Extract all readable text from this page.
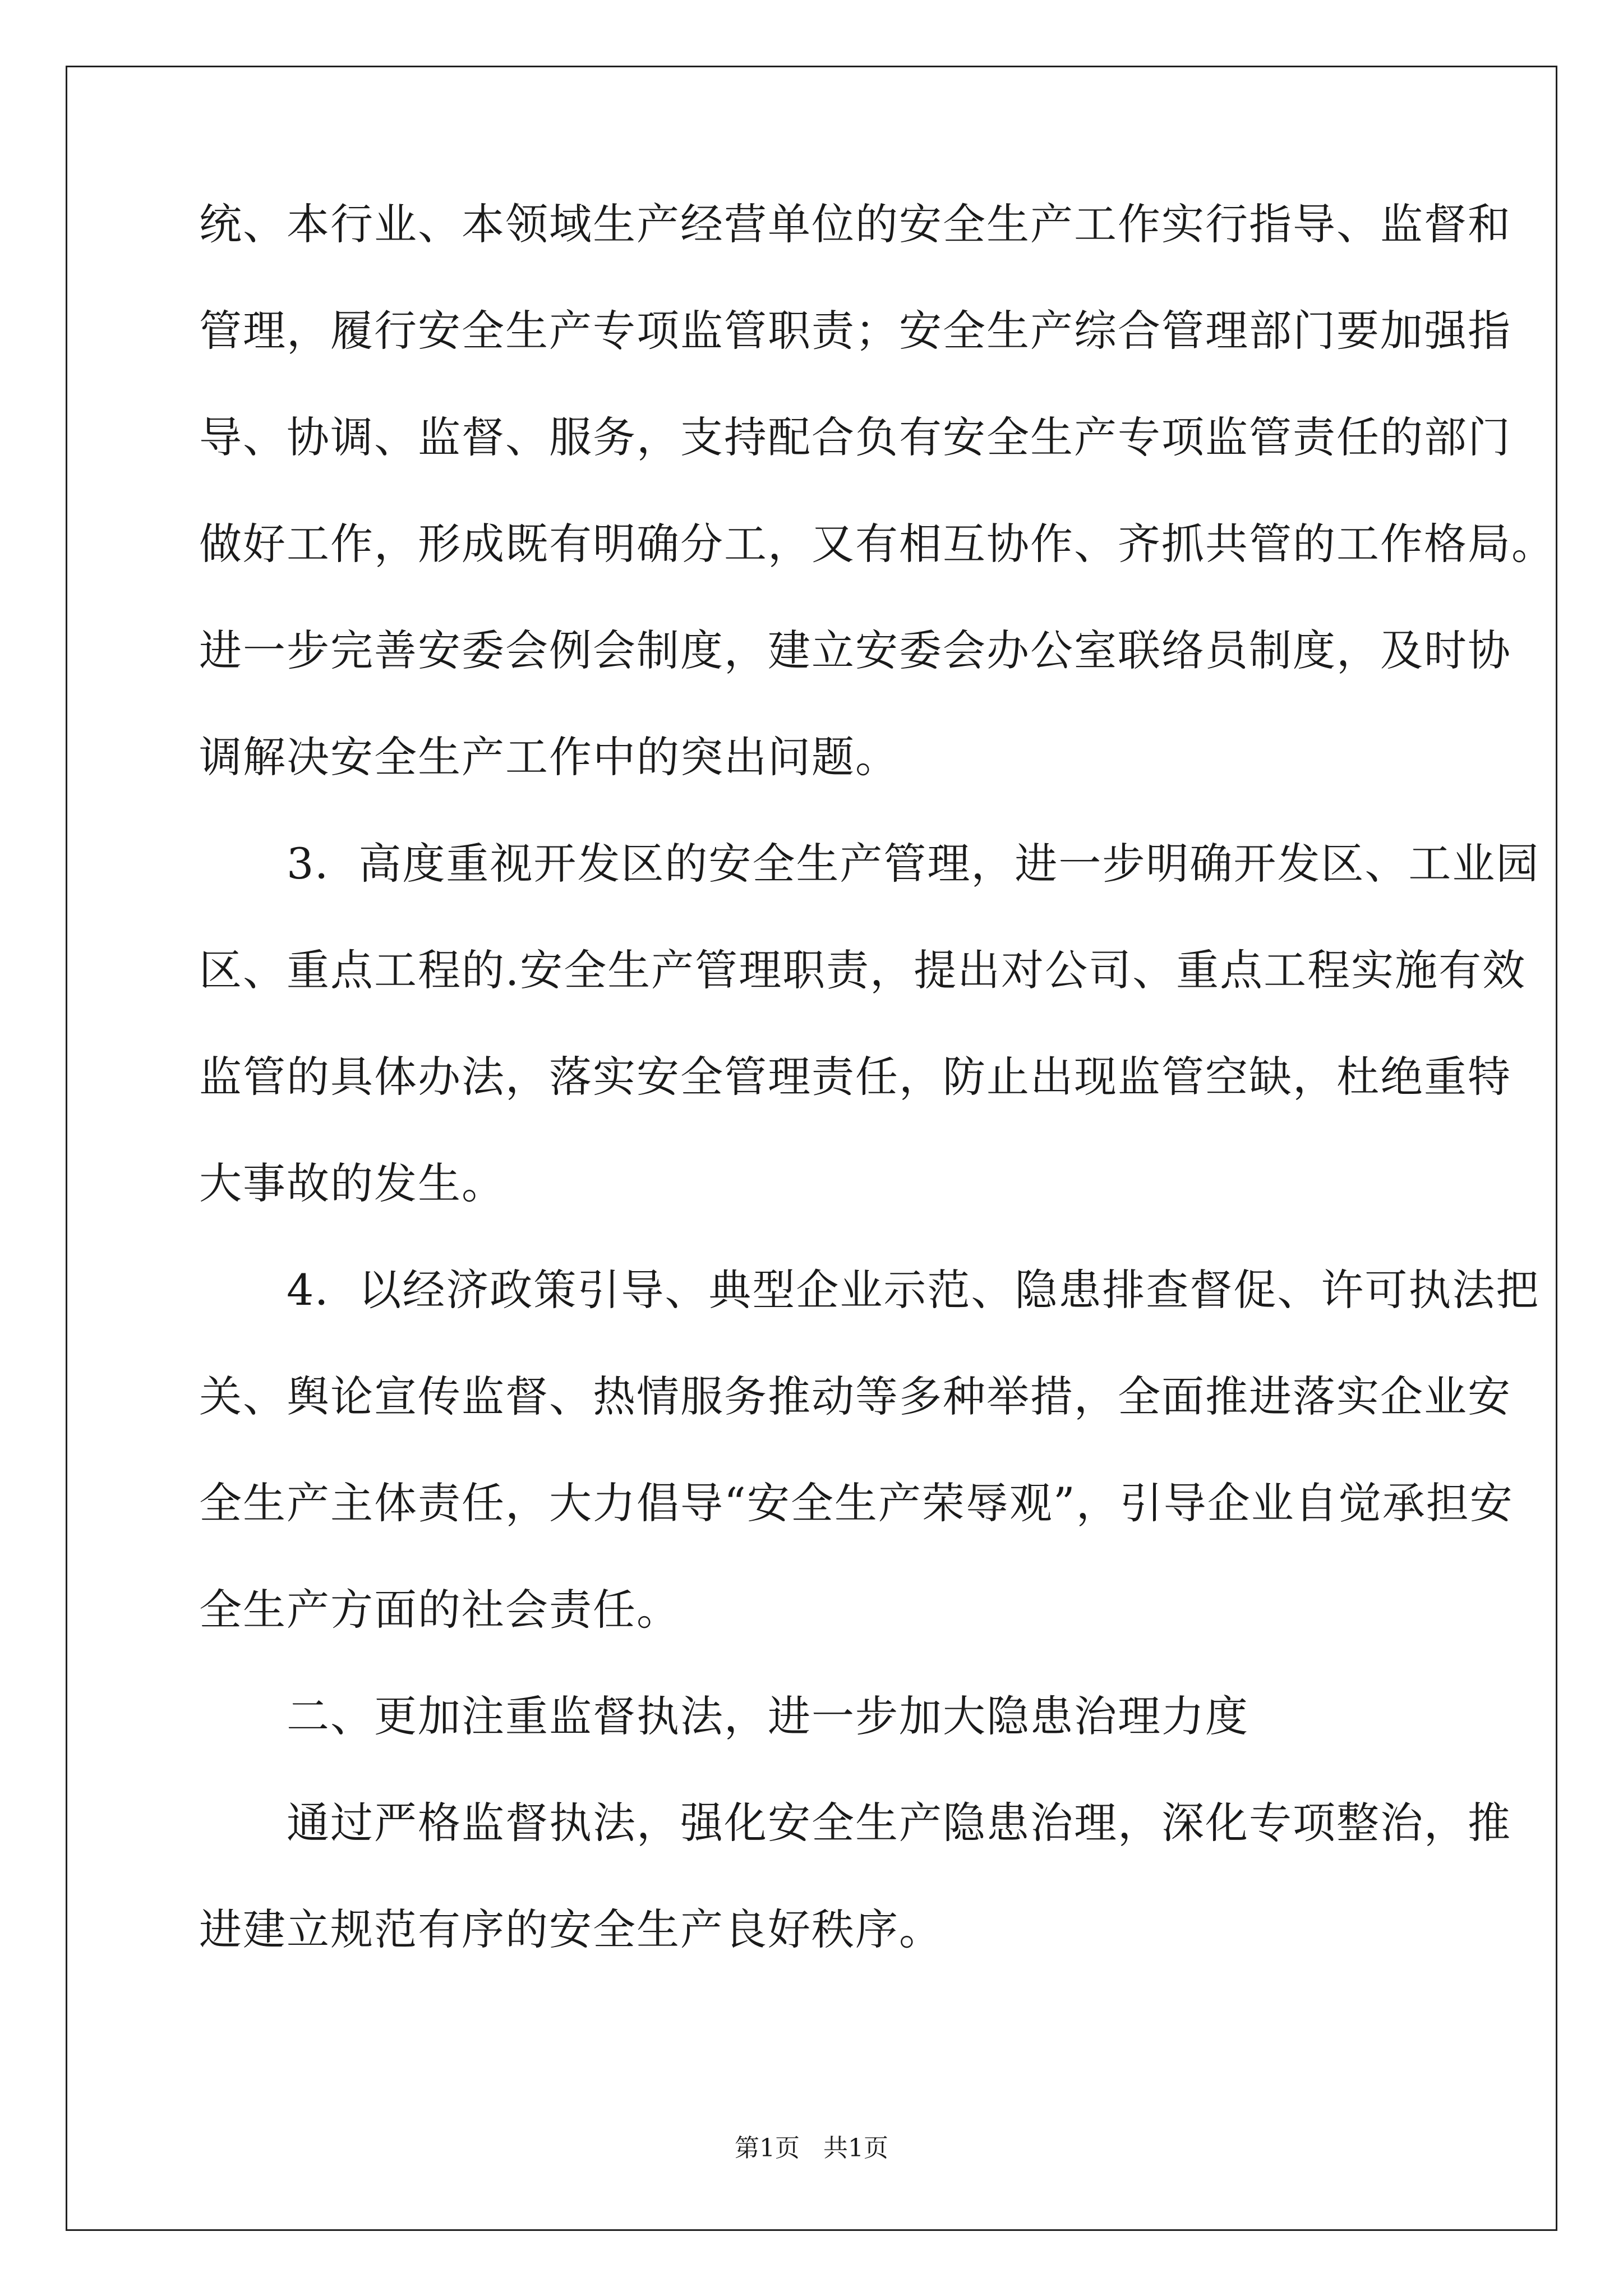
统、本行业、本领域生产经营单位的安全生产工作实行指导、监督和
管理，履行安全生产专项监管职责；安全生产综合管理部门要加强指
导、协调、监督、服务，支持配合负有安全生产专项监管责任的部门
做好工作，形成既有明确分工，又有相互协作、齐抓共管的工作格局。
进一步完善安委会例会制度，建立安委会办公室联络员制度，及时协
调解决安全生产工作中的突出问题。
　　3．高度重视开发区的安全生产管理，进一步明确开发区、工业园
区、重点工程的.安全生产管理职责，提出对公司、重点工程实施有效
监管的具体办法，落实安全管理责任，防止出现监管空缺，杜绝重特
大事故的发生。
　　4．以经济政策引导、典型企业示范、隐患排查督促、许可执法把
关、舆论宣传监督、热情服务推动等多种举措，全面推进落实企业安
全生产主体责任，大力倡导“安全生产荣辱观”，引导企业自觉承担安
全生产方面的社会责任。
　　二、更加注重监督执法，进一步加大隐患治理力度
　　通过严格监督执法，强化安全生产隐患治理，深化专项整治，推
进建立规范有序的安全生产良好秩序。
第1页 共1页
